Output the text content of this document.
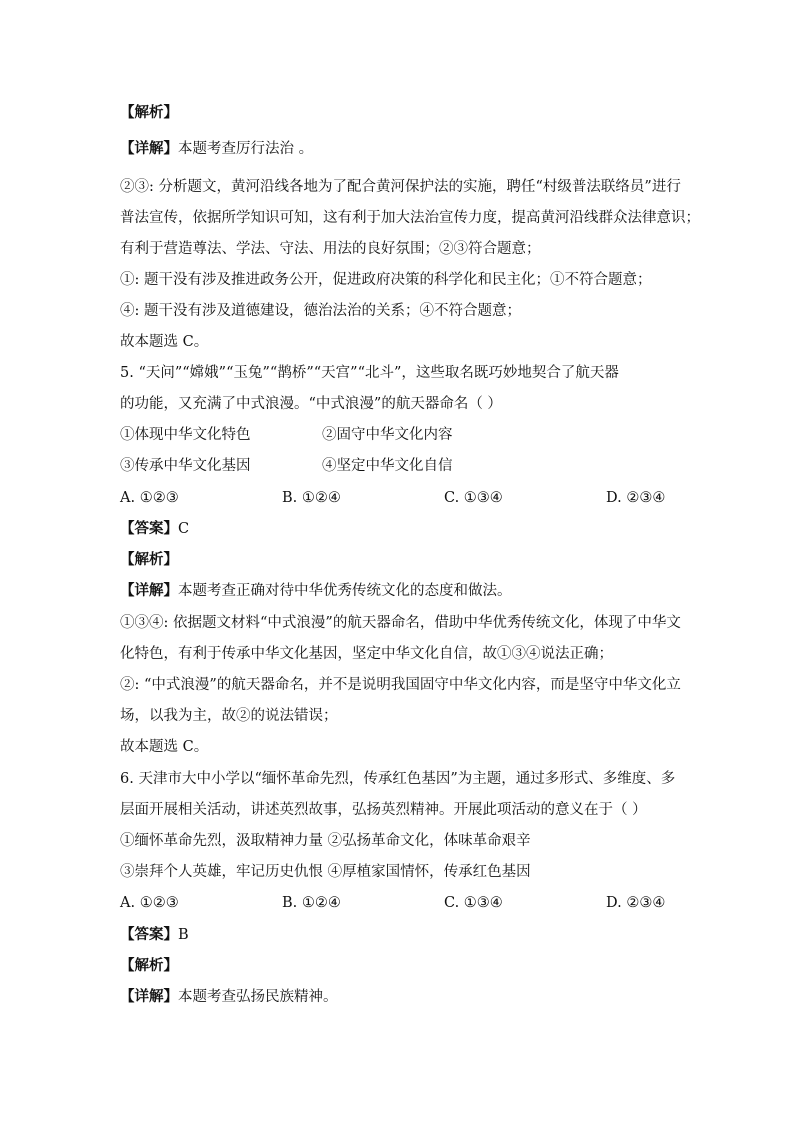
【解析】
【详解】本题考查厉行法治 。
②③: 分析题文，黄河沿线各地为了配合黄河保护法的实施，聘任“村级普法联络员”进行
普法宣传，依据所学知识可知，这有利于加大法治宣传力度，提高黄河沿线群众法律意识；
有利于营造尊法、学法、守法、用法的良好氛围；②③符合题意；
①: 题干没有涉及推进政务公开，促进政府决策的科学化和民主化；①不符合题意；
④: 题干没有涉及道德建设，德治法治的关系；④不符合题意；
故本题选 C。
5. “天问”“嫦娥”“玉兔”“鹊桥”“天宫”“北斗”，这些取名既巧妙地契合了航天器
的功能，又充满了中式浪漫。“中式浪漫”的航天器命名（ ）
①体现中华文化特色	②固守中华文化内容
③传承中华文化基因	④坚定中华文化自信
A. ①②③	B. ①②④	C. ①③④	D. ②③④
【答案】C
【解析】
【详解】本题考查正确对待中华优秀传统文化的态度和做法。
①③④: 依据题文材料“中式浪漫”的航天器命名，借助中华优秀传统文化，体现了中华文
化特色，有利于传承中华文化基因，坚定中华文化自信，故①③④说法正确；
②: “中式浪漫”的航天器命名，并不是说明我国固守中华文化内容，而是坚守中华文化立
场，以我为主，故②的说法错误；
故本题选 C。
6. 天津市大中小学以“缅怀革命先烈，传承红色基因”为主题，通过多形式、多维度、多
层面开展相关活动，讲述英烈故事，弘扬英烈精神。开展此项活动的意义在于（ ）
①缅怀革命先烈，汲取精神力量 ②弘扬革命文化，体味革命艰辛
③崇拜个人英雄，牢记历史仇恨 ④厚植家国情怀，传承红色基因
A. ①②③	B. ①②④	C. ①③④	D. ②③④
【答案】B
【解析】
【详解】本题考查弘扬民族精神。
